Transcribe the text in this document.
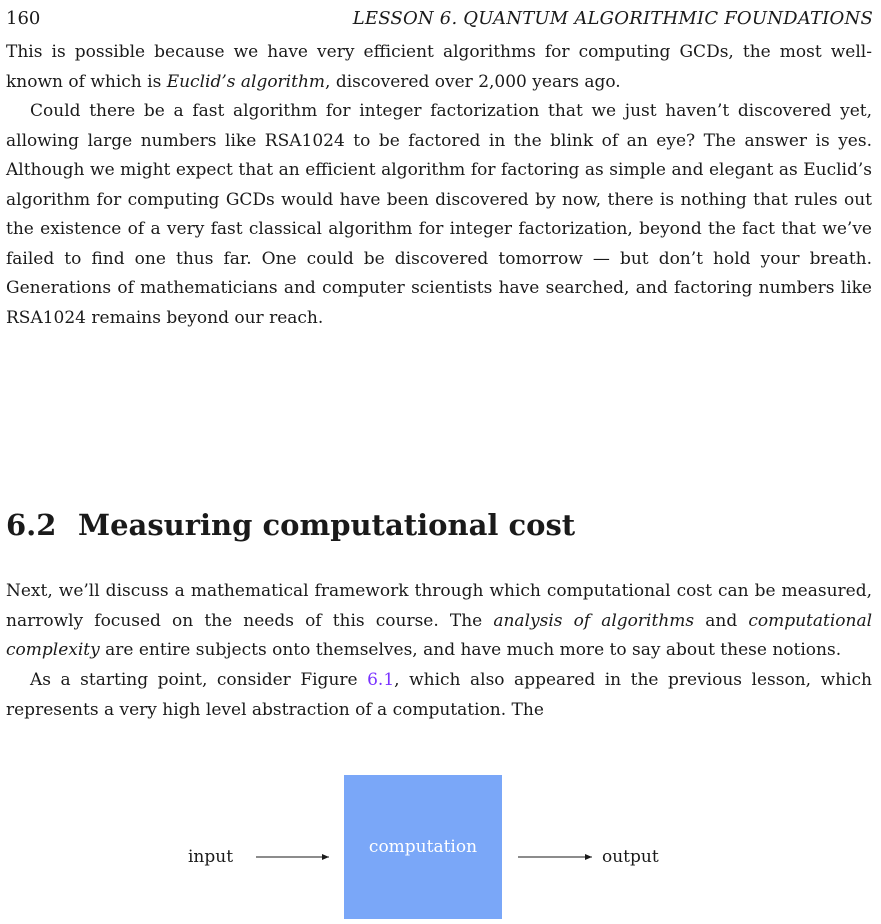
160	LESSON 6. QUANTUM ALGORITHMIC FOUNDATIONS

This is possible because we have very efficient algorithms for computing GCDs, the most well-known of which is Euclid’s algorithm, discovered over 2,000 years ago.

Could there be a fast algorithm for integer factorization that we just haven’t discovered yet, allowing large numbers like RSA1024 to be factored in the blink of an eye? The answer is yes. Although we might expect that an efficient algorithm for factoring as simple and elegant as Euclid’s algorithm for computing GCDs would have been discovered by now, there is nothing that rules out the existence of a very fast classical algorithm for integer factorization, beyond the fact that we’ve failed to find one thus far. One could be discovered tomorrow — but don’t hold your breath. Generations of mathematicians and computer scientists have searched, and factoring numbers like RSA1024 remains beyond our reach.

6.2 Measuring computational cost

Next, we’ll discuss a mathematical framework through which computational cost can be measured, narrowly focused on the needs of this course. The analysis of algorithms and computational complexity are entire subjects onto themselves, and have much more to say about these notions.

As a starting point, consider Figure 6.1, which also appeared in the previous lesson, which represents a very high level abstraction of a computation. The

input	computation	output
